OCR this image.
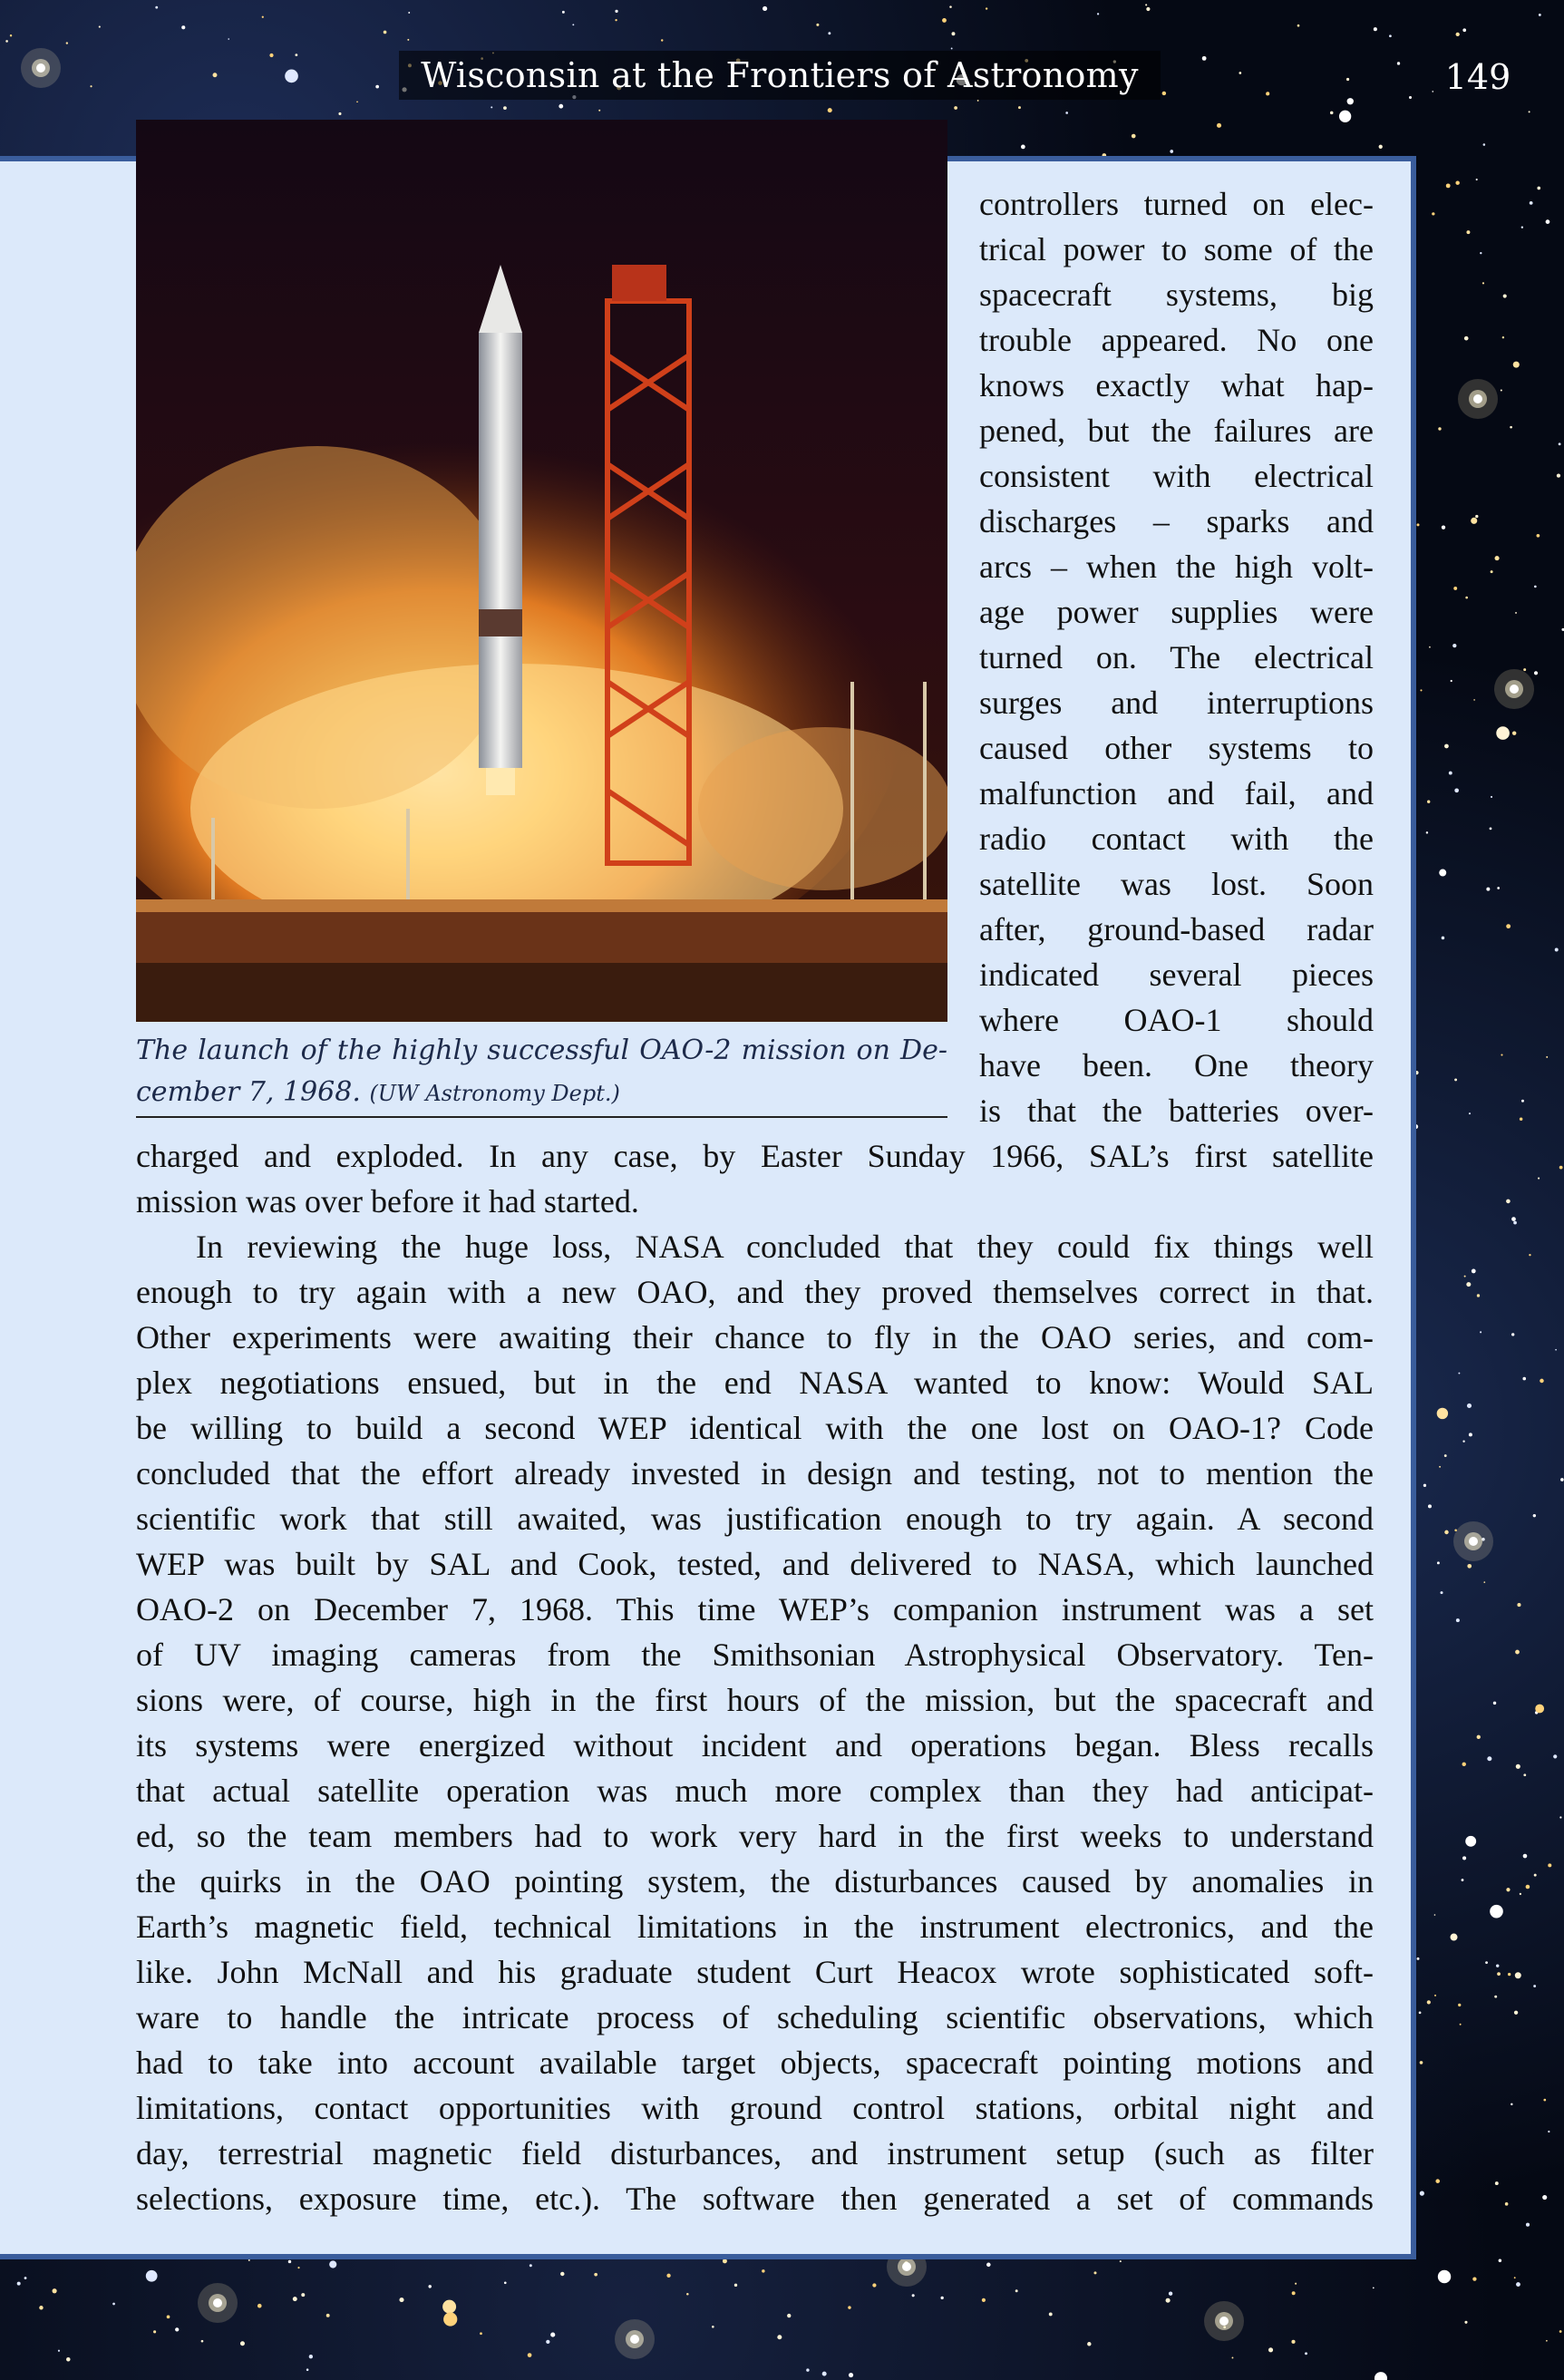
Wisconsin at the Frontiers of Astronomy	149
The launch of the highly successful OAO-2 mission on December 7, 1968. (UW Astronomy Dept.)
controllers turned on elec-
trical power to some of the
spacecraft systems, big
trouble appeared. No one
knows exactly what hap-
pened, but the failures are
consistent with electrical
discharges – sparks and
arcs – when the high volt-
age power supplies were
turned on. The electrical
surges and interruptions
caused other systems to
malfunction and fail, and
radio contact with the
satellite was lost. Soon
after, ground-based radar
indicated several pieces
where OAO-1 should
have been. One theory
is that the batteries over-
charged and exploded. In any case, by Easter Sunday 1966, SAL’s first satellite
mission was over before it had started.
In reviewing the huge loss, NASA concluded that they could fix things well
enough to try again with a new OAO, and they proved themselves correct in that.
Other experiments were awaiting their chance to fly in the OAO series, and com-
plex negotiations ensued, but in the end NASA wanted to know: Would SAL
be willing to build a second WEP identical with the one lost on OAO-1? Code
concluded that the effort already invested in design and testing, not to mention the
scientific work that still awaited, was justification enough to try again. A second
WEP was built by SAL and Cook, tested, and delivered to NASA, which launched
OAO-2 on December 7, 1968. This time WEP’s companion instrument was a set
of UV imaging cameras from the Smithsonian Astrophysical Observatory. Ten-
sions were, of course, high in the first hours of the mission, but the spacecraft and
its systems were energized without incident and operations began. Bless recalls
that actual satellite operation was much more complex than they had anticipat-
ed, so the team members had to work very hard in the first weeks to understand
the quirks in the OAO pointing system, the disturbances caused by anomalies in
Earth’s magnetic field, technical limitations in the instrument electronics, and the
like. John McNall and his graduate student Curt Heacox wrote sophisticated soft-
ware to handle the intricate process of scheduling scientific observations, which
had to take into account available target objects, spacecraft pointing motions and
limitations, contact opportunities with ground control stations, orbital night and
day, terrestrial magnetic field disturbances, and instrument setup (such as filter
selections, exposure time, etc.). The software then generated a set of commands
